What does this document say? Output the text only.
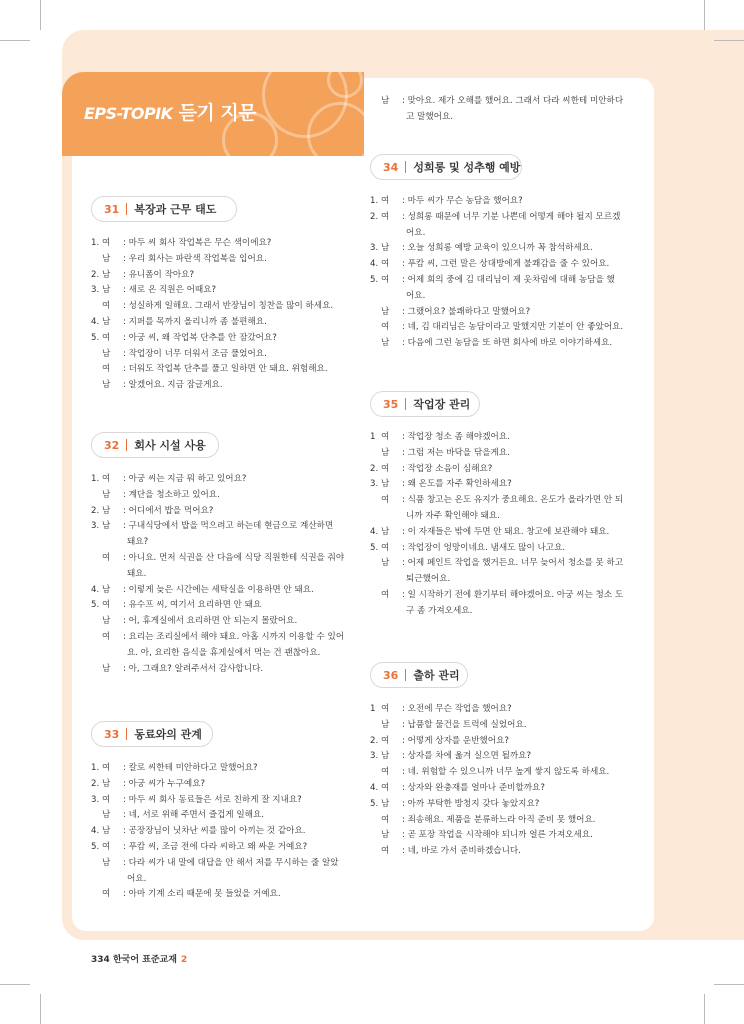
EPS-TOPIK 듣기 지문
31 복장과 근무 태도
1. 여 : 마두 씨 회사 작업복은 무슨 색이에요?
남 : 우리 회사는 파란색 작업복을 입어요.
2. 남 : 유니폼이 작아요?
3. 남 : 새로 온 직원은 어때요?
여 : 성실하게 일해요. 그래서 반장님이 칭찬을 많이 하세요.
4. 남 : 지퍼를 목까지 올리니까 좀 불편해요.
5. 여 : 아궁 씨, 왜 작업복 단추를 안 잠갔어요?
남 : 작업장이 너무 더워서 조금 풀었어요.
여 : 더워도 작업복 단추를 풀고 일하면 안 돼요. 위험해요.
남 : 알겠어요. 지금 잠글게요.
32 회사 시설 사용
1. 여 : 아궁 씨는 지금 뭐 하고 있어요?
남 : 계단을 청소하고 있어요.
2. 남 : 어디에서 밥을 먹어요?
3. 남 : 구내식당에서 밥을 먹으려고 하는데 현금으로 계산하면
돼요?
여 : 아니요. 먼저 식권을 산 다음에 식당 직원한테 식권을 줘야
돼요.
4. 남 : 이렇게 늦은 시간에는 세탁실을 이용하면 안 돼요.
5. 여 : 유수프 씨, 여기서 요리하면 안 돼요
남 : 어, 휴게실에서 요리하면 안 되는지 몰랐어요.
여 : 요리는 조리실에서 해야 돼요. 아홉 시까지 이용할 수 있어
요. 아, 요리한 음식을 휴게실에서 먹는 건 괜찮아요.
남 : 아, 그래요? 알려주셔서 감사합니다.
33 동료와의 관계
1. 여 : 칼로 씨한테 미안하다고 말했어요?
2. 남 : 아궁 씨가 누구예요?
3. 여 : 마두 씨 회사 동료들은 서로 친하게 잘 지내요?
남 : 네, 서로 위해 주면서 즐겁게 일해요.
4. 남 : 공장장님이 닛차난 씨를 많이 아끼는 것 같아요.
5. 여 : 푸캄 씨, 조금 전에 다라 씨하고 왜 싸운 거예요?
남 : 다라 씨가 내 말에 대답을 안 해서 저를 무시하는 줄 알았
어요.
여 : 아마 기계 소리 때문에 못 들었을 거예요.
남 : 맞아요. 제가 오해를 했어요. 그래서 다라 씨한테 미안하다
고 말했어요.
34 성희롱 및 성추행 예방
1. 여 : 마두 씨가 무슨 농담을 했어요?
2. 여 : 성희롱 때문에 너무 기분 나쁜데 어떻게 해야 될지 모르겠
어요.
3. 남 : 오늘 성희롱 예방 교육이 있으니까 꼭 참석하세요.
4. 여 : 푸캄 씨, 그런 말은 상대방에게 불쾌감을 줄 수 있어요.
5. 여 : 어제 회의 중에 김 대리님이 제 옷차림에 대해 농담을 했
어요.
남 : 그랬어요? 불쾌하다고 말했어요?
여 : 네, 김 대리님은 농담이라고 말했지만 기분이 안 좋았어요.
남 : 다음에 그런 농담을 또 하면 회사에 바로 이야기하세요.
35 작업장 관리
1 여 : 작업장 청소 좀 해야겠어요.
남 : 그럼 저는 바닥을 닦을게요.
2. 여 : 작업장 소음이 심해요?
3. 남 : 왜 온도를 자주 확인하세요?
여 : 식품 창고는 온도 유지가 중요해요. 온도가 올라가면 안 되
니까 자주 확인해야 돼요.
4. 남 : 이 자재들은 밖에 두면 안 돼요. 창고에 보관해야 돼요.
5. 여 : 작업장이 엉망이네요. 냄새도 많이 나고요.
남 : 어제 페인트 작업을 했거든요. 너무 늦어서 청소를 못 하고
퇴근했어요.
여 : 일 시작하기 전에 환기부터 해야겠어요. 아궁 씨는 청소 도
구 좀 가져오세요.
36 출하 관리
1 여 : 오전에 무슨 작업을 했어요?
남 : 납품할 물건을 트럭에 실었어요.
2. 여 : 어떻게 상자를 운반했어요?
3. 남 : 상자를 차에 옮겨 실으면 될까요?
여 : 네. 위험할 수 있으니까 너무 높게 쌓지 않도록 하세요.
4. 여 : 상자와 완충재를 얼마나 준비할까요?
5. 남 : 아까 부탁한 방청지 갖다 놓았지요?
여 : 죄송해요. 제품을 분류하느라 아직 준비 못 했어요.
남 : 곧 포장 작업을 시작해야 되니까 얼른 가져오세요.
여 : 네, 바로 가서 준비하겠습니다.
334 한국어 표준교재 2
